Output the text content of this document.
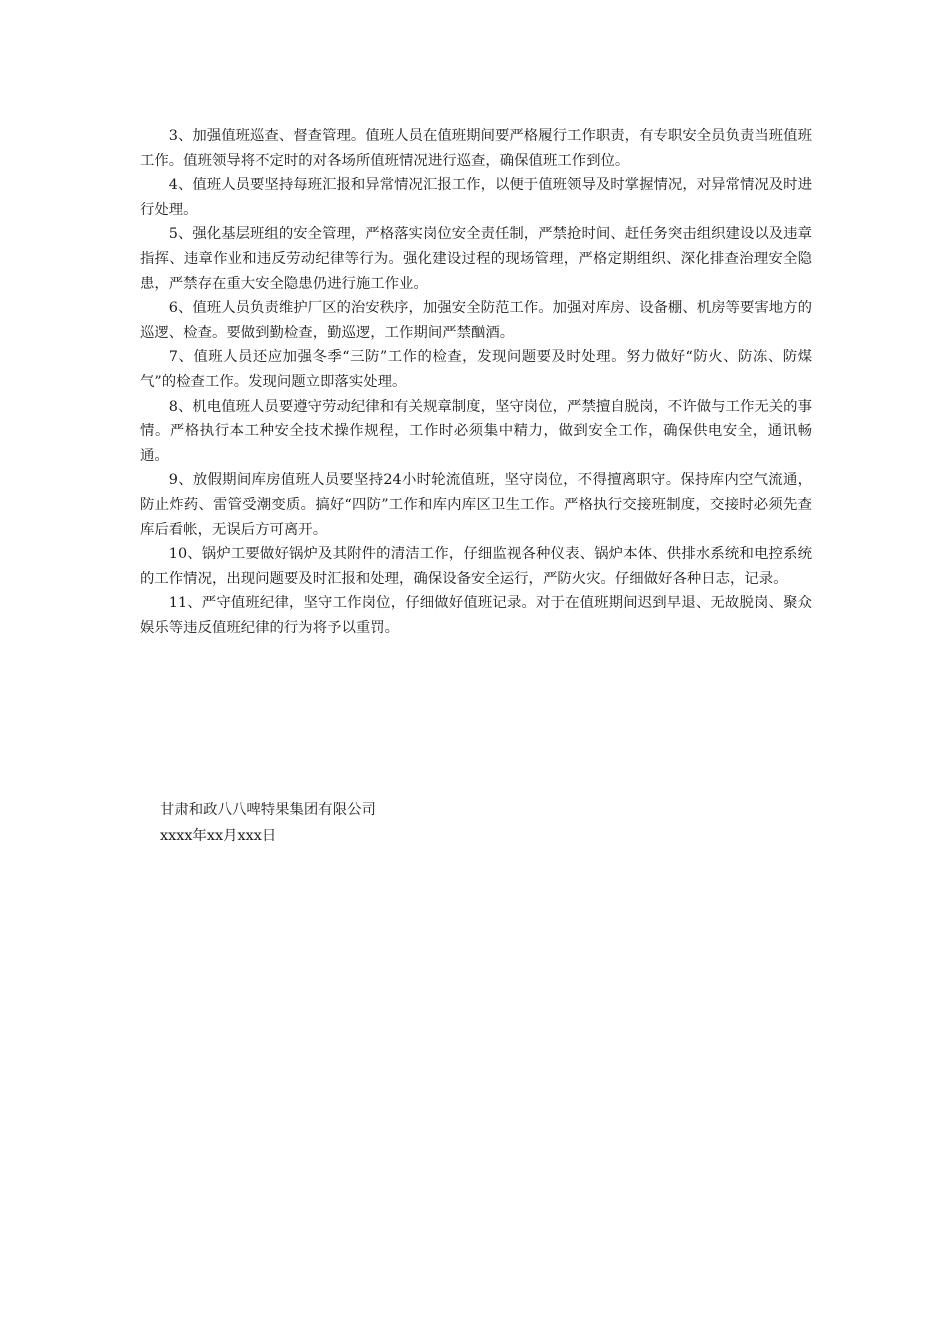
3、加强值班巡查、督查管理。值班人员在值班期间要严格履行工作职责，有专职安全员负责当班值班工作。值班领导将不定时的对各场所值班情况进行巡查，确保值班工作到位。

4、值班人员要坚持每班汇报和异常情况汇报工作，以便于值班领导及时掌握情况，对异常情况及时进行处理。

5、强化基层班组的安全管理，严格落实岗位安全责任制，严禁抢时间、赶任务突击组织建设以及违章指挥、违章作业和违反劳动纪律等行为。强化建设过程的现场管理，严格定期组织、深化排查治理安全隐患，严禁存在重大安全隐患仍进行施工作业。

6、值班人员负责维护厂区的治安秩序，加强安全防范工作。加强对库房、设备棚、机房等要害地方的巡逻、检查。要做到勤检查，勤巡逻，工作期间严禁酗酒。

7、值班人员还应加强冬季“三防”工作的检查，发现问题要及时处理。努力做好“防火、防冻、防煤气”的检查工作。发现问题立即落实处理。

8、机电值班人员要遵守劳动纪律和有关规章制度，坚守岗位，严禁擅自脱岗，不许做与工作无关的事情。严格执行本工种安全技术操作规程，工作时必须集中精力，做到安全工作，确保供电安全，通讯畅通。

9、放假期间库房值班人员要坚持24小时轮流值班，坚守岗位，不得擅离职守。保持库内空气流通，防止炸药、雷管受潮变质。搞好“四防”工作和库内库区卫生工作。严格执行交接班制度，交接时必须先查库后看帐，无误后方可离开。

10、锅炉工要做好锅炉及其附件的清洁工作，仔细监视各种仪表、锅炉本体、供排水系统和电控系统的工作情况，出现问题要及时汇报和处理，确保设备安全运行，严防火灾。仔细做好各种日志，记录。

11、严守值班纪律，坚守工作岗位，仔细做好值班记录。对于在值班期间迟到早退、无故脱岗、聚众娱乐等违反值班纪律的行为将予以重罚。

甘肃和政八八啤特果集团有限公司

xxxx年xx月xxx日
